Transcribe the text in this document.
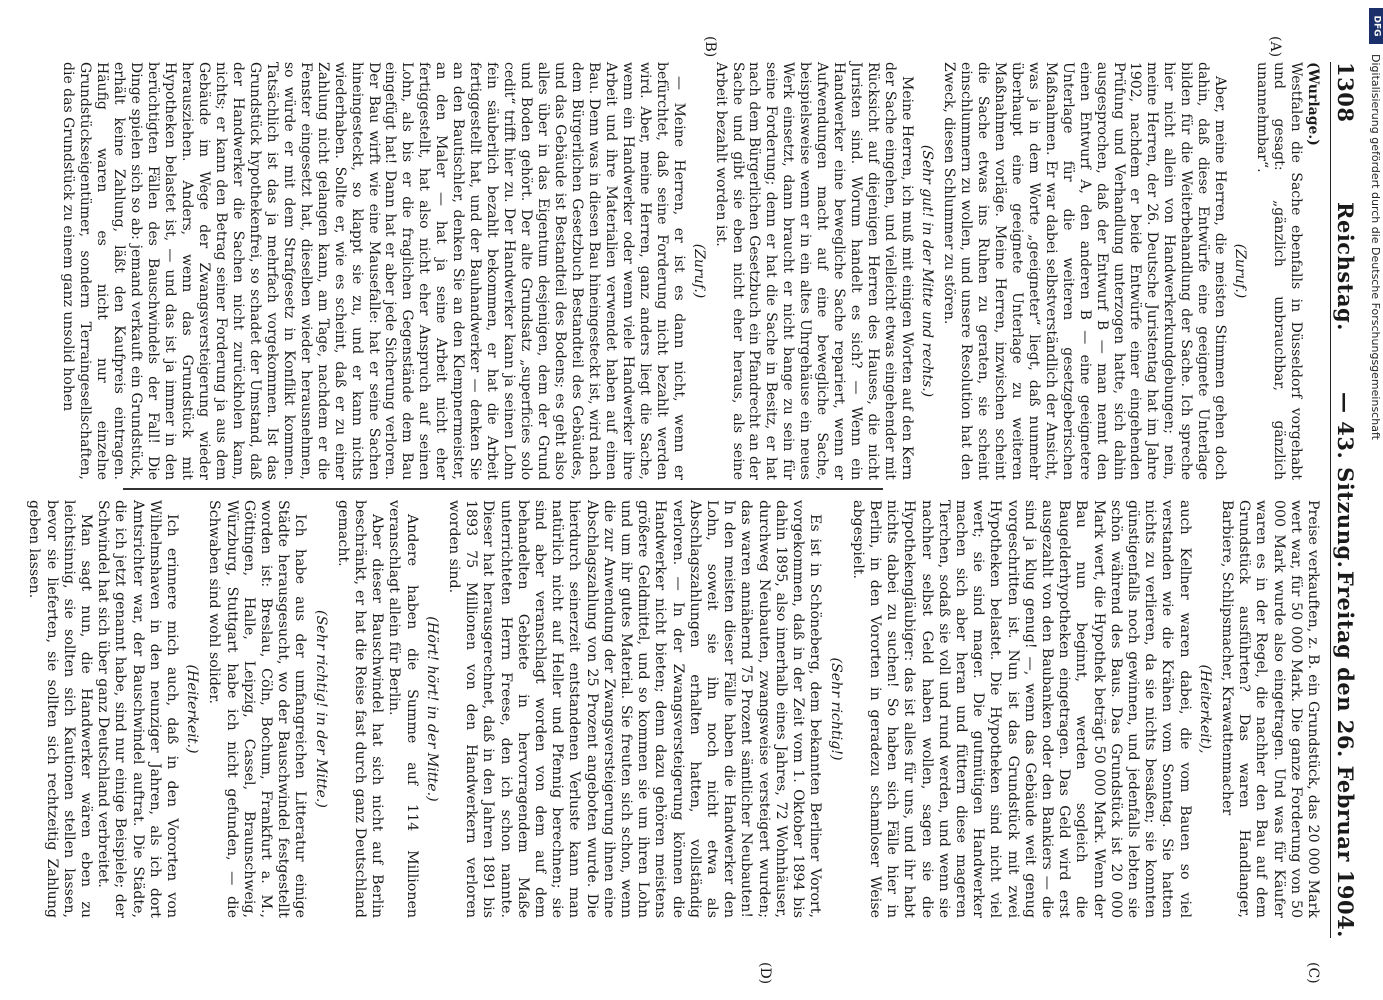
1308
Reichstag.
— 43. Sitzung.
Freitag den 26. Februar 1904.
(A)
(B)
(C)
(D)

(Wurlage.)

Westfalen die Sache ebenfalls in Düsseldorf vorgehabt und gesagt: „gänzlich unbrauchbar, gänzlich unannehmbar“.

(Zuruf.)

Aber, meine Herren, die meisten Stimmen gehen doch dahin, daß diese Entwürfe eine geeignete Unterlage bilden für die Weiterbehandlung der Sache. Ich spreche hier nicht allein von Handwerkerkundgebungen; nein, meine Herren, der 26. Deutsche Juristentag hat im Jahre 1902, nachdem er beide Entwürfe einer eingehenden Prüfung und Verhandlung unterzogen hatte, sich dahin ausgesprochen, daß der Entwurf B — man nennt den einen Entwurf A, den anderen B — eine geeignetere Unterlage für die weiteren gesetzgeberischen Maßnahmen. Er war dabei selbstverständlich der Ansicht, was ja in dem Worte „geeigneter“ liegt, daß nunmehr überhaupt eine geeignete Unterlage zu weiteren Maßnahmen vorläge. Meine Herren, inzwischen scheint die Sache etwas ins Ruhen zu geraten, sie scheint einschlummern zu wollen, und unsere Resolution hat den Zweck, diesen Schlummer zu stören.

(Sehr gut! in der Mitte und rechts.)

Meine Herren, ich muß mit einigen Worten auf den Kern der Sache eingehen, und vielleicht etwas eingehender mit Rücksicht auf diejenigen Herren des Hauses, die nicht Juristen sind. Worum handelt es sich? — Wenn ein Handwerker eine bewegliche Sache repariert, wenn er Aufwendungen macht auf eine bewegliche Sache, beispielsweise wenn er in ein altes Uhrgehäuse ein neues Werk einsetzt, dann braucht er nicht bange zu sein für seine Forderung; denn er hat die Sache in Besitz, er hat nach dem Bürgerlichen Gesetzbuch ein Pfandrecht an der Sache und gibt sie eben nicht eher heraus, als seine Arbeit bezahlt worden ist.

(Zuruf.)

— Meine Herren, er ist es dann nicht, wenn er befürchtet, daß seine Forderung nicht bezahlt werden wird. Aber, meine Herren, ganz anders liegt die Sache, wenn ein Handwerker oder wenn viele Handwerker ihre Arbeit und ihre Materialien verwendet haben auf einen Bau. Denn was in diesen Bau hineingesteckt ist, wird nach dem Bürgerlichen Gesetzbuch Bestandteil des Gebäudes, und das Gebäude ist Bestandteil des Bodens; es geht also alles über in das Eigentum desjenigen, dem der Grund und Boden gehört. Der alte Grundsatz „superficies solo cedit“ trifft hier zu. Der Handwerker kann ja seinen Lohn fein säuberlich bezahlt bekommen, er hat die Arbeit fertiggestellt hat, und der Bauhandwerker — denken Sie an den Bautischler, denken Sie an den Klempnermeister, an den Maler — hat ja seine Arbeit nicht eher fertiggestellt, hat also nicht eher Anspruch auf seinen Lohn, als bis er die fraglichen Gegenstände dem Bau eingefügt hat! Dann hat er aber jede Sicherung verloren. Der Bau wirft wie eine Mausefalle: hat er seine Sachen hineingesteckt, so klappt sie zu, und er kann nichts wiederhaben. Sollte er, wie es scheint, daß er zu einer Zahlung nicht gelangen kann, am Tage, nachdem er die Fenster eingesetzt hat, dieselben wieder herausnehmen, so würde er mit dem Strafgesetz in Konflikt kommen. Tatsächlich ist das ja mehrfach vorgekommen. Ist das Grundstück hypothekenfrei, so schadet der Umstand, daß der Handwerker die Sachen nicht zurückholen kann, nichts; er kann den Betrag seiner Forderung ja aus dem Gebäude im Wege der Zwangsversteigerung wieder herausziehen. Anders, wenn das Grundstück mit Hypotheken belastet ist, — und das ist ja immer in den berüchtigten Fällen des Bauschwindels der Fall! Die Dinge spielen sich so ab: jemand verkauft ein Grundstück, erhält keine Zahlung, läßt den Kaufpreis eintragen. Häufig waren es nicht nur einzelne Grundstückseigentümer, sondern Terraingesellschaften, die das Grundstück zu einem ganz unsolid hohen

Preise verkauften, z. B. ein Grundstück, das 20 000 Mark wert war, für 50 000 Mark. Die ganze Forderung von 50 000 Mark wurde also eingetragen. Und was für Käufer waren es in der Regel, die nachher den Bau auf dem Grundstück ausführten? Das waren Handlanger, Barbiere, Schlipsmacher, Krawattenmacher

(Heiterkeit),

auch Kellner waren dabei, die vom Bauen so viel verstanden wie die Krähen vom Sonntag. Sie hatten nichts zu verlieren, da sie nichts besaßen; sie konnten günstigenfalls noch gewinnen, und jedenfalls lebten sie schön während des Baus. Das Grundstück ist 20 000 Mark wert, die Hypothek beträgt 50 000 Mark. Wenn der Bau nun beginnt, werden sogleich die Baugelderhypotheken eingetragen. Das Geld wird erst ausgezahlt von den Baubanken oder den Bankiers — die sind ja klug genug! —, wenn das Gebäude weit genug vorgeschritten ist. Nun ist das Grundstück mit zwei Hypotheken belastet. Die Hypotheken sind nicht viel wert; sie sind mager. Die gutmütigen Handwerker machen sich aber heran und füttern diese mageren Tierchen, sodaß sie voll und rund werden, und wenn sie nachher selbst Geld haben wollen, sagen sie die Hypothekengläubiger: das ist alles für uns, und ihr habt nichts dabei zu suchen! So haben sich Fälle hier in Berlin, in den Vororten in geradezu schamloser Weise abgespielt.

(Sehr richtig!)

Es ist in Schöneberg, dem bekannten Berliner Vorort, vorgekommen, daß in der Zeit vom 1. Oktober 1894 bis dahin 1895, also innerhalb eines Jahres, 72 Wohnhäuser, durchweg Neubauten, zwangsweise versteigert wurden; das waren annähernd 75 Prozent sämtlicher Neubauten! In den meisten dieser Fälle haben die Handwerker den Lohn, soweit sie ihn noch nicht etwa als Abschlagszahlungen erhalten hatten, vollständig verloren. — In der Zwangsversteigerung können die Handwerker nicht bieten; denn dazu gehören meistens größere Geldmittel, und so kommen sie um ihren Lohn und um ihr gutes Material. Sie freuten sich schon, wenn die zur Anwendung der Zwangsversteigerung ihnen eine Abschlagszahlung von 25 Prozent angeboten wurde. Die hierdurch seinerzeit entstandenen Verluste kann man natürlich nicht auf Heller und Pfennig berechnen; sie sind aber veranschlagt worden von dem auf dem behandelten Gebiete in hervorragendem Maße unterrichteten Herrn Freese, den ich schon nannte. Dieser hat herausgerechnet, daß in den Jahren 1891 bis 1893 75 Millionen von den Handwerkern verloren worden sind.

(Hört! hört! in der Mitte.)

Andere haben die Summe auf 114 Millionen veranschlagt allein für Berlin.

Aber dieser Bauschwindel hat sich nicht auf Berlin beschränkt, er hat die Reise fast durch ganz Deutschland gemacht.

(Sehr richtig! in der Mitte.)

Ich habe aus der umfangreichen Litteratur einige Städte herausgesucht, wo der Bauschwindel festgestellt worden ist: Breslau, Cöln, Bochum, Frankfurt a. M., Göttingen, Halle, Leipzig, Cassel, Braunschweig, Würzburg, Stuttgart habe ich nicht gefunden, — die Schwaben sind wohl solider.

(Heiterkeit.)

Ich erinnere mich auch, daß in den Vororten von Wilhelmshaven in den neunziger Jahren, als ich dort Amtsrichter war, der Bauschwindel auftrat. Die Städte, die ich jetzt genannt habe, sind nur einige Beispiele; der Schwindel hat sich über ganz Deutschland verbreitet.

Man sagt nun, die Handwerker wären eben zu leichtsinnig, sie sollten sich Kautionen stellen lassen, bevor sie lieferten, sie sollten sich rechtzeitig Zahlung geben lassen.

DFG
Digitalisierung gefördert durch die Deutsche Forschungsgemeinschaft
